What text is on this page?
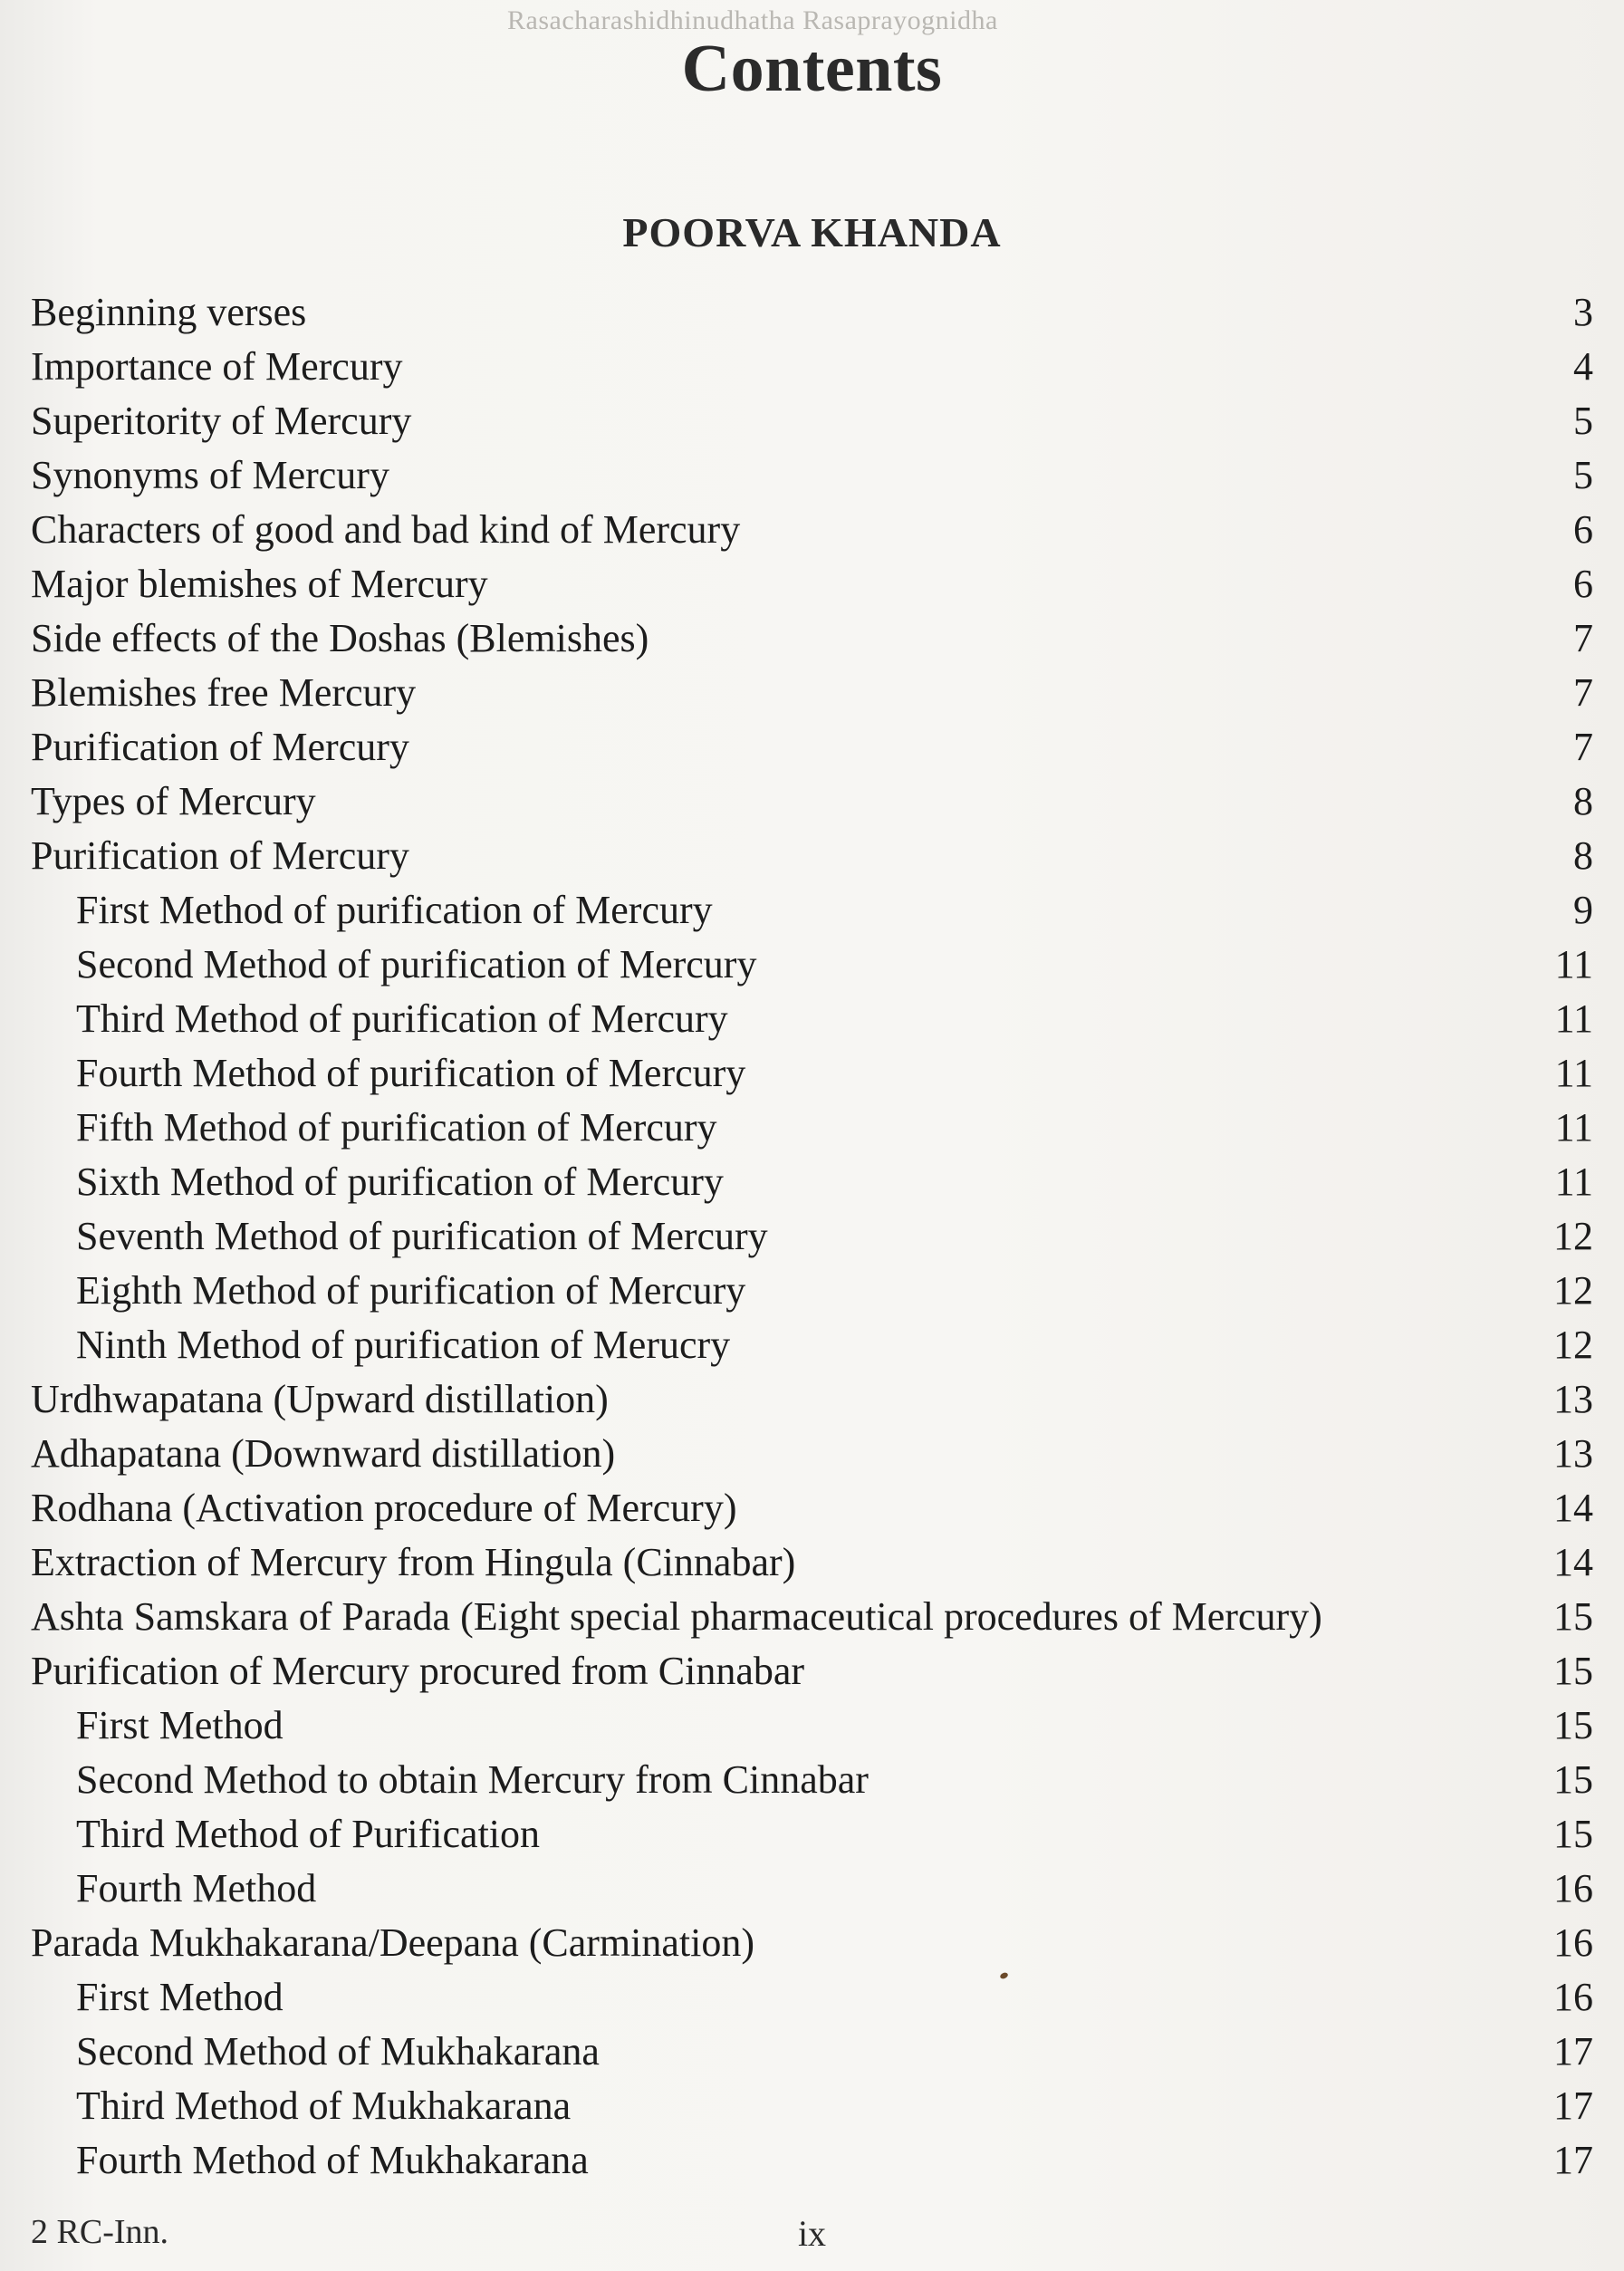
Rasacharashidhinudhatha Rasaprayognidha
Contents
POORVA KHANDA
Beginning verses	3
Importance of Mercury	4
Superitority of Mercury	5
Synonyms of Mercury	5
Characters of good and bad kind of Mercury	6
Major blemishes of Mercury	6
Side effects of the Doshas (Blemishes)	7
Blemishes free Mercury	7
Purification of Mercury	7
Types of Mercury	8
Purification of Mercury	8
First Method of purification of Mercury	9
Second Method of purification of Mercury	11
Third Method of purification of Mercury	11
Fourth Method of purification of Mercury	11
Fifth Method of purification of Mercury	11
Sixth Method of purification of Mercury	11
Seventh Method of purification of Mercury	12
Eighth Method of purification of Mercury	12
Ninth Method of purification of Merucry	12
Urdhwapatana (Upward distillation)	13
Adhapatana (Downward distillation)	13
Rodhana (Activation procedure of Mercury)	14
Extraction of Mercury from Hingula (Cinnabar)	14
Ashta Samskara of Parada (Eight special pharmaceutical procedures of Mercury)	15
Purification of Mercury procured from Cinnabar	15
First Method	15
Second Method to obtain Mercury from Cinnabar	15
Third Method of Purification	15
Fourth Method	16
Parada Mukhakarana/Deepana (Carmination)	16
First Method	16
Second Method of Mukhakarana	17
Third Method of Mukhakarana	17
Fourth Method of Mukhakarana	17
2 RC-Inn.	ix
